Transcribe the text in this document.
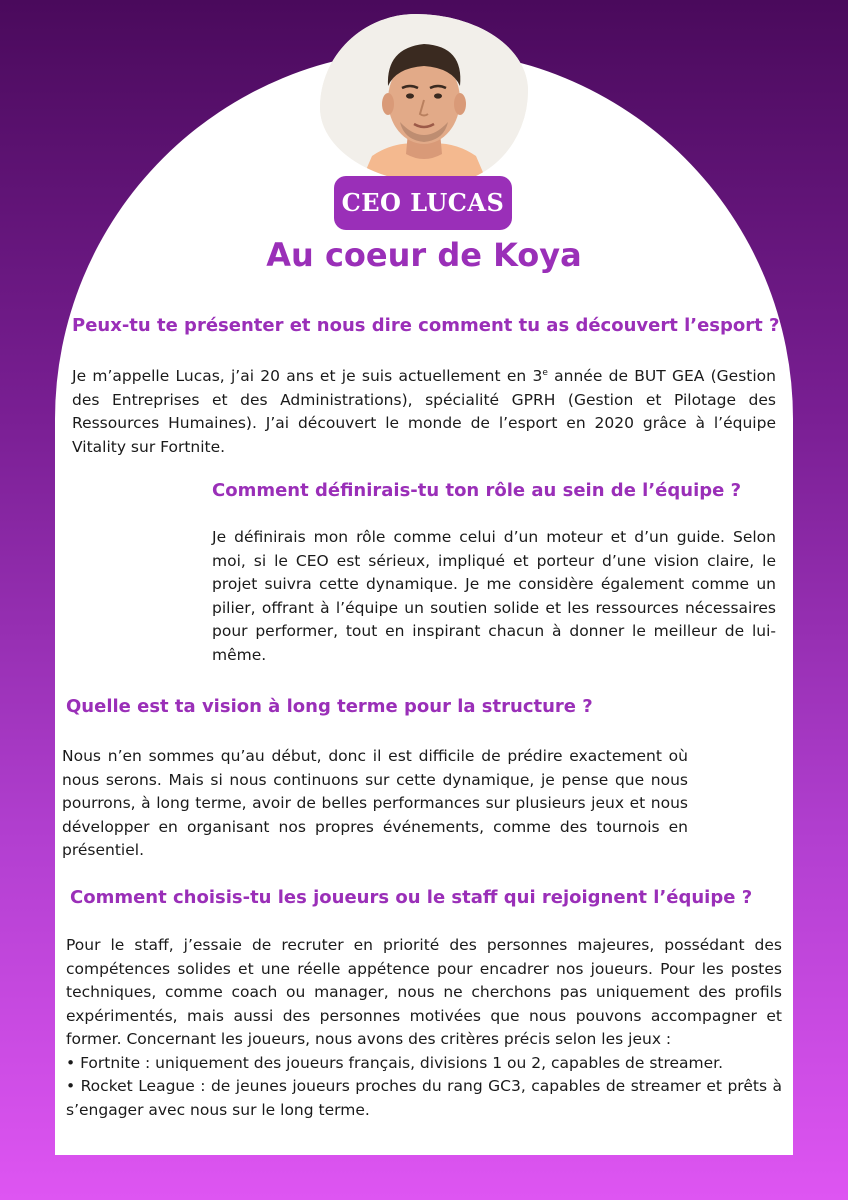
CEO LUCAS
Au coeur de Koya
Peux-tu te présenter et nous dire comment tu as découvert l’esport ?
Je m’appelle Lucas, j’ai 20 ans et je suis actuellement en 3e année de BUT GEA (Gestion des Entreprises et des Administrations), spécialité GPRH (Gestion et Pilotage des Ressources Humaines). J’ai découvert le monde de l’esport en 2020 grâce à l’équipe Vitality sur Fortnite.
Comment définirais-tu ton rôle au sein de l’équipe ?
Je définirais mon rôle comme celui d’un moteur et d’un guide. Selon moi, si le CEO est sérieux, impliqué et porteur d’une vision claire, le projet suivra cette dynamique. Je me considère également comme un pilier, offrant à l’équipe un soutien solide et les ressources nécessaires pour performer, tout en inspirant chacun à donner le meilleur de lui-même.
Quelle est ta vision à long terme pour la structure ?
Nous n’en sommes qu’au début, donc il est difficile de prédire exactement où nous serons. Mais si nous continuons sur cette dynamique, je pense que nous pourrons, à long terme, avoir de belles performances sur plusieurs jeux et nous développer en organisant nos propres événements, comme des tournois en présentiel.
Comment choisis-tu les joueurs ou le staff qui rejoignent l’équipe ?

Pour le staff, j’essaie de recruter en priorité des personnes majeures, possédant des compétences solides et une réelle appétence pour encadrer nos joueurs. Pour les postes techniques, comme coach ou manager, nous ne cherchons pas uniquement des profils expérimentés, mais aussi des personnes motivées que nous pouvons accompagner et former. Concernant les joueurs, nous avons des critères précis selon les jeux :

• Fortnite : uniquement des joueurs français, divisions 1 ou 2, capables de streamer.

• Rocket League : de jeunes joueurs proches du rang GC3, capables de streamer et prêts à s’engager avec nous sur le long terme.
